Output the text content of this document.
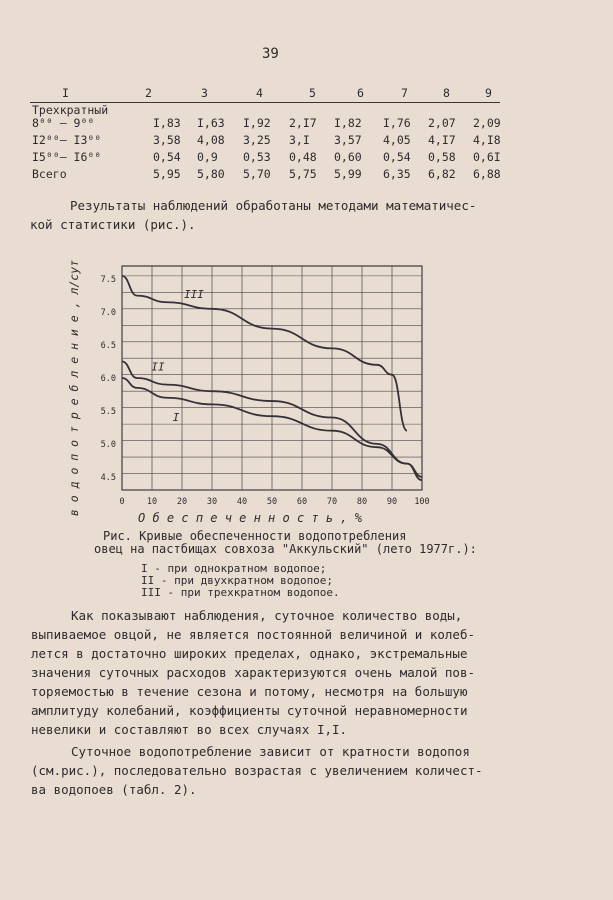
39
I	2	3	4	5	6	7	8	9
Трехкратный
8⁰⁰ – 9⁰⁰	I,83 I,63 I,92 2,I7 I,82 I,76 2,07 2,09
I2⁰⁰– I3⁰⁰	3,58 4,08 3,25 3,I 3,57 4,05 4,I7 4,I8
I5⁰⁰– I6⁰⁰	0,54 0,9 0,53 0,48 0,60 0,54 0,58 0,6I
Всего	5,95 5,80 5,70 5,75 5,99 6,35 6,82 6,88
Результаты наблюдений обработаны методами математичес-
кой статистики (рис.).
I
II
III
0	10 20 30 40 50 60 70 80 90 100
4.5
5.0
5.5
6.0
6.5
7.0
7.5
в о д о п о т р е б л е н и е , л/сут
О б е с п е ч е н н о с т ь , %
Рис. Кривые обеспеченности водопотребления
овец на пастбищах совхоза "Аккульский" (лето 1977г.):
I - при однократном водопое;
II - при двухкратном водопое;
III - при трехкратном водопое.
Как показывают наблюдения, суточное количество воды,
выпиваемое овцой, не является постоянной величиной и колеб-
лется в достаточно широких пределах, однако, экстремальные
значения суточных расходов характеризуются очень малой пов-
торяемостью в течение сезона и потому, несмотря на большую
амплитуду колебаний, коэффициенты суточной неравномерности
невелики и составляют во всех случаях I,I.
Суточное водопотребление зависит от кратности водопоя
(см.рис.), последовательно возрастая с увеличением количест-
ва водопоев (табл. 2).
